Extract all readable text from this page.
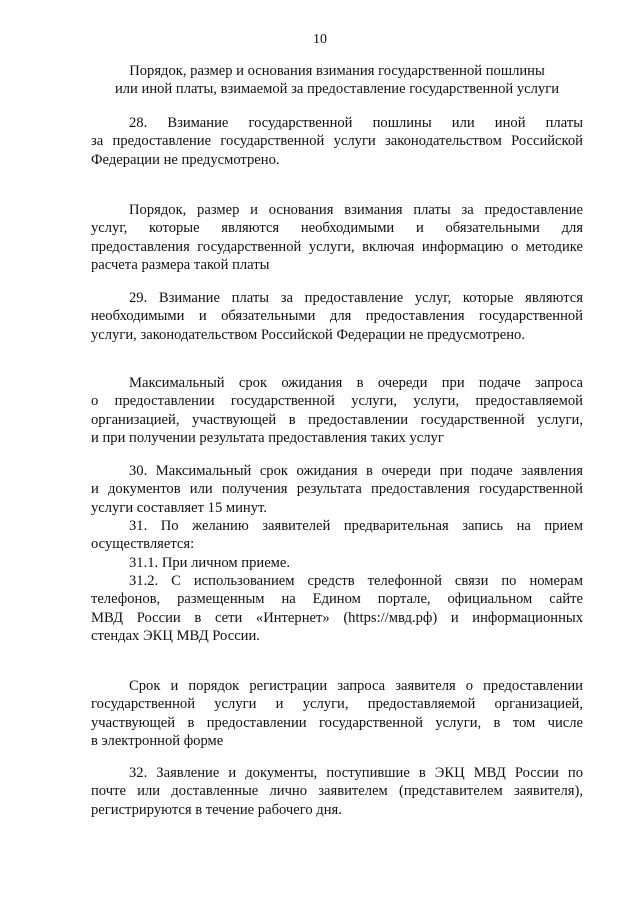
10
Порядок, размер и основания взимания государственной пошлины
или иной платы, взимаемой за предоставление государственной услуги
28. Взимание государственной пошлины или иной платы
за предоставление государственной услуги законодательством Российской
Федерации не предусмотрено.
Порядок, размер и основания взимания платы за предоставление
услуг, которые являются необходимыми и обязательными для
предоставления государственной услуги, включая информацию о методике
расчета размера такой платы
29. Взимание платы за предоставление услуг, которые являются
необходимыми и обязательными для предоставления государственной
услуги, законодательством Российской Федерации не предусмотрено.
Максимальный срок ожидания в очереди при подаче запроса
о предоставлении государственной услуги, услуги, предоставляемой
организацией, участвующей в предоставлении государственной услуги,
и при получении результата предоставления таких услуг
30. Максимальный срок ожидания в очереди при подаче заявления
и документов или получения результата предоставления государственной
услуги составляет 15 минут.
31. По желанию заявителей предварительная запись на прием
осуществляется:
31.1. При личном приеме.
31.2. С использованием средств телефонной связи по номерам
телефонов, размещенным на Едином портале, официальном сайте
МВД России в сети «Интернет» (https://мвд.рф) и информационных
стендах ЭКЦ МВД России.
Срок и порядок регистрации запроса заявителя о предоставлении
государственной услуги и услуги, предоставляемой организацией,
участвующей в предоставлении государственной услуги, в том числе
в электронной форме
32. Заявление и документы, поступившие в ЭКЦ МВД России по
почте или доставленные лично заявителем (представителем заявителя),
регистрируются в течение рабочего дня.
